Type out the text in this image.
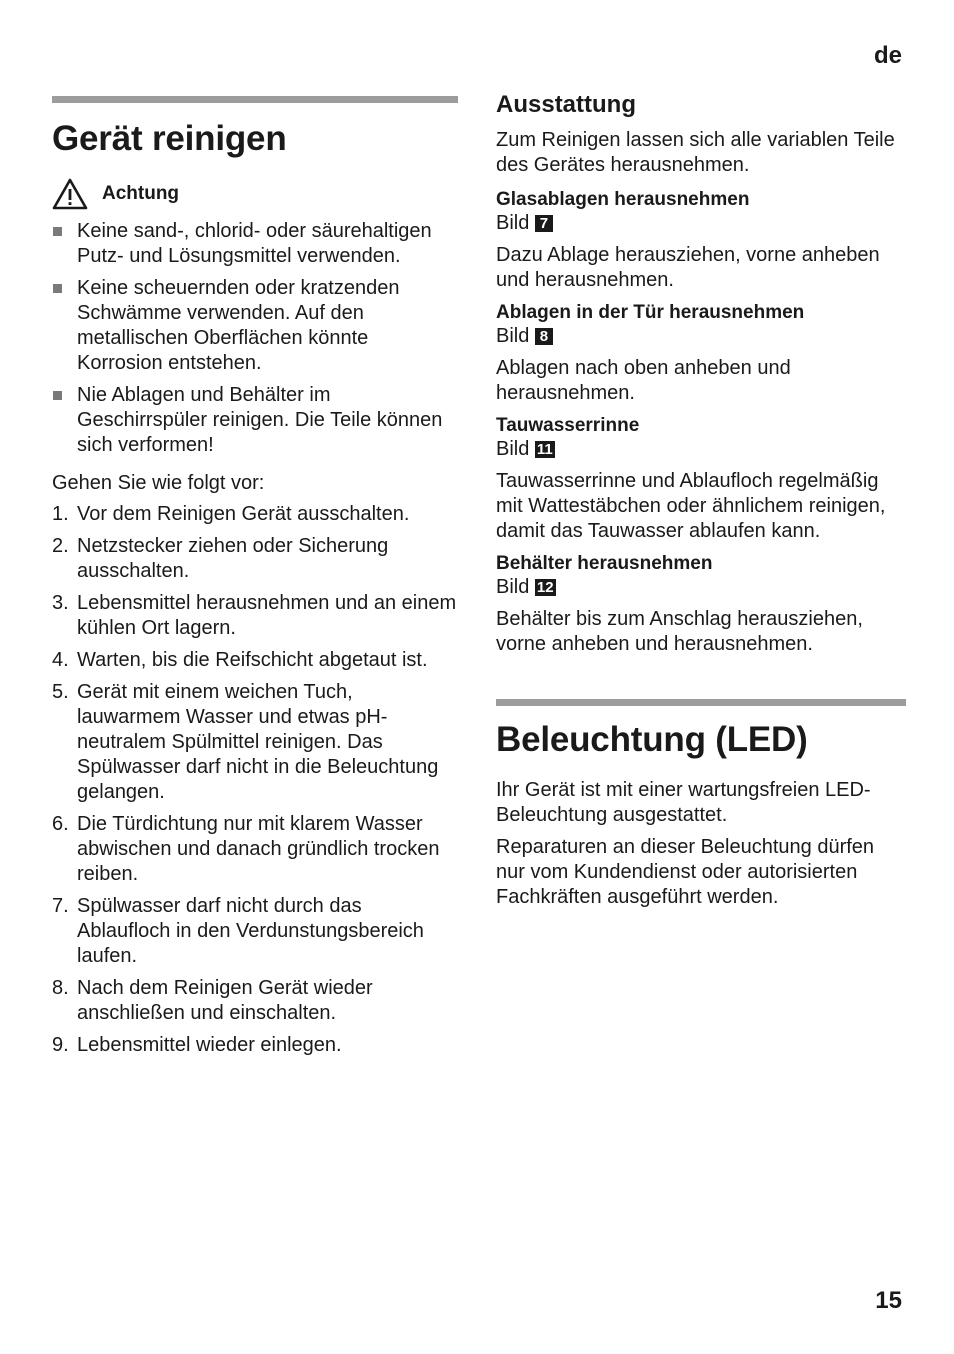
de
Gerät reinigen
Achtung
Keine sand-, chlorid- oder säurehaltigen Putz- und Lösungsmittel verwenden.
Keine scheuernden oder kratzenden Schwämme verwenden. Auf den metallischen Oberflächen könnte Korrosion entstehen.
Nie Ablagen und Behälter im Geschirrspüler reinigen. Die Teile können sich verformen!

Gehen Sie wie folgt vor:

1. Vor dem Reinigen Gerät ausschalten.
2. Netzstecker ziehen oder Sicherung ausschalten.
3. Lebensmittel herausnehmen und an einem kühlen Ort lagern.
4. Warten, bis die Reifschicht abgetaut ist.
5. Gerät mit einem weichen Tuch, lauwarmem Wasser und etwas pH-neutralem Spülmittel reinigen. Das Spülwasser darf nicht in die Beleuchtung gelangen.
6. Die Türdichtung nur mit klarem Wasser abwischen und danach gründlich trocken reiben.
7. Spülwasser darf nicht durch das Ablaufloch in den Verdunstungsbereich laufen.
8. Nach dem Reinigen Gerät wieder anschließen und einschalten.
9. Lebensmittel wieder einlegen.
Ausstattung

Zum Reinigen lassen sich alle variablen Teile des Gerätes herausnehmen.

Glasablagen herausnehmen

Bild 7

Dazu Ablage herausziehen, vorne anheben und herausnehmen.

Ablagen in der Tür herausnehmen

Bild 8

Ablagen nach oben anheben und herausnehmen.

Tauwasserrinne

Bild 11

Tauwasserrinne und Ablaufloch regelmäßig mit Wattestäbchen oder ähnlichem reinigen, damit das Tauwasser ablaufen kann.

Behälter herausnehmen

Bild 12

Behälter bis zum Anschlag herausziehen, vorne anheben und herausnehmen.

Beleuchtung (LED)

Ihr Gerät ist mit einer wartungsfreien LED-Beleuchtung ausgestattet.

Reparaturen an dieser Beleuchtung dürfen nur vom Kundendienst oder autorisierten Fachkräften ausgeführt werden.

15
